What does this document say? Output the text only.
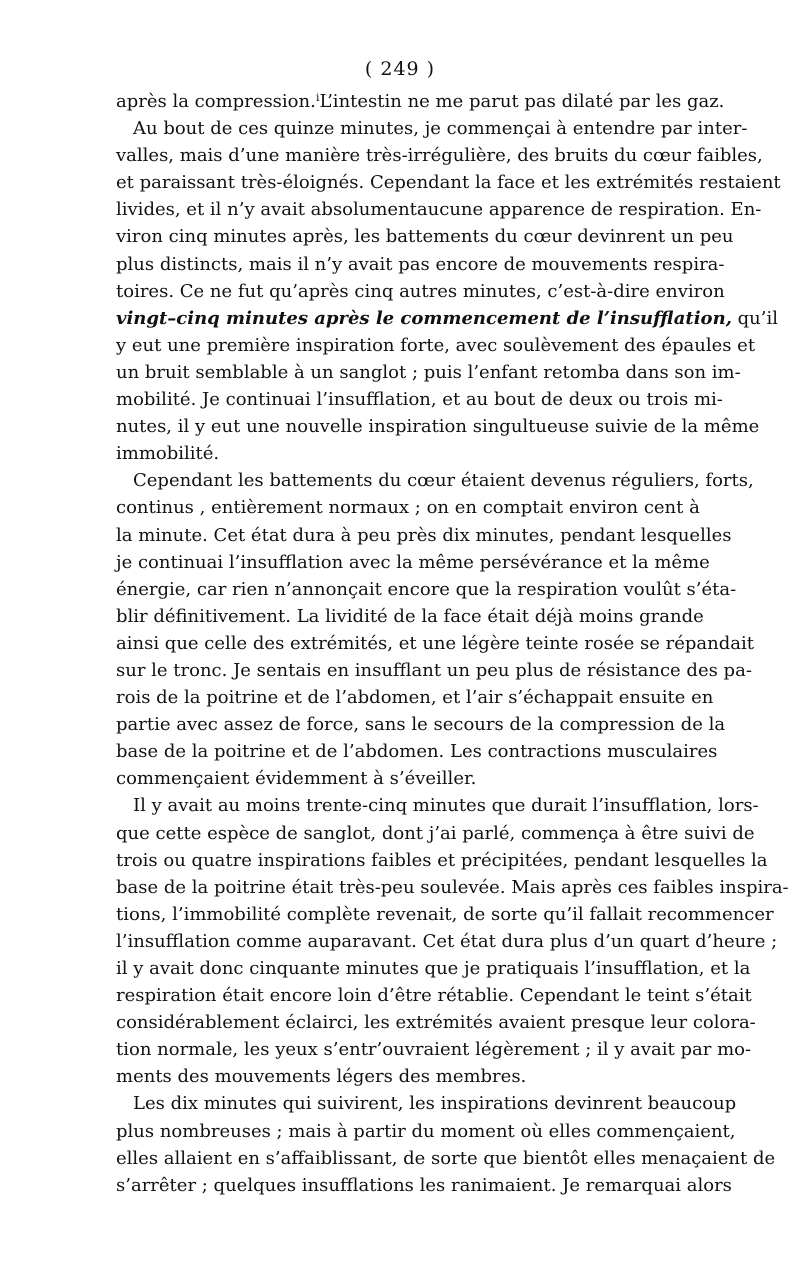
( 249 )
après la compression.ⁱL’intestin ne me parut pas dilaté par les gaz.
Au bout de ces quinze minutes, je commençai à entendre par inter-
valles, mais d’une manière très-irrégulière, des bruits du cœur faibles,
et paraissant très-éloignés. Cependant la face et les extrémités restaient
livides, et il n’y avait absolumentaucune apparence de respiration. En-
viron cinq minutes après, les battements du cœur devinrent un peu
plus distincts, mais il n’y avait pas encore de mouvements respira-
toires. Ce ne fut qu’après cinq autres minutes, c’est-à-dire environ
vingt–cinq minutes après le commencement de l’insufflation, qu’il
y eut une première inspiration forte, avec soulèvement des épaules et
un bruit semblable à un sanglot ; puis l’enfant retomba dans son im-
mobilité. Je continuai l’insufflation, et au bout de deux ou trois mi-
nutes, il y eut une nouvelle inspiration singultueuse suivie de la même
immobilité.
Cependant les battements du cœur étaient devenus réguliers, forts,
continus , entièrement normaux ; on en comptait environ cent à
la minute. Cet état dura à peu près dix minutes, pendant lesquelles
je continuai l’insufflation avec la même persévérance et la même
énergie, car rien n’annonçait encore que la respiration voulût s’éta-
blir définitivement. La lividité de la face était déjà moins grande
ainsi que celle des extrémités, et une légère teinte rosée se répandait
sur le tronc. Je sentais en insufflant un peu plus de résistance des pa-
rois de la poitrine et de l’abdomen, et l’air s’échappait ensuite en
partie avec assez de force, sans le secours de la compression de la
base de la poitrine et de l’abdomen. Les contractions musculaires
commençaient évidemment à s’éveiller.
Il y avait au moins trente-cinq minutes que durait l’insufflation, lors-
que cette espèce de sanglot, dont j’ai parlé, commença à être suivi de
trois ou quatre inspirations faibles et précipitées, pendant lesquelles la
base de la poitrine était très-peu soulevée. Mais après ces faibles inspira-
tions, l’immobilité complète revenait, de sorte qu’il fallait recommencer
l’insufflation comme auparavant. Cet état dura plus d’un quart d’heure ;
il y avait donc cinquante minutes que je pratiquais l’insufflation, et la
respiration était encore loin d’être rétablie. Cependant le teint s’était
considérablement éclairci, les extrémités avaient presque leur colora-
tion normale, les yeux s’entr’ouvraient légèrement ; il y avait par mo-
ments des mouvements légers des membres.
Les dix minutes qui suivirent, les inspirations devinrent beaucoup
plus nombreuses ; mais à partir du moment où elles commençaient,
elles allaient en s’affaiblissant, de sorte que bientôt elles menaçaient de
s’arrêter ; quelques insufflations les ranimaient. Je remarquai alors
